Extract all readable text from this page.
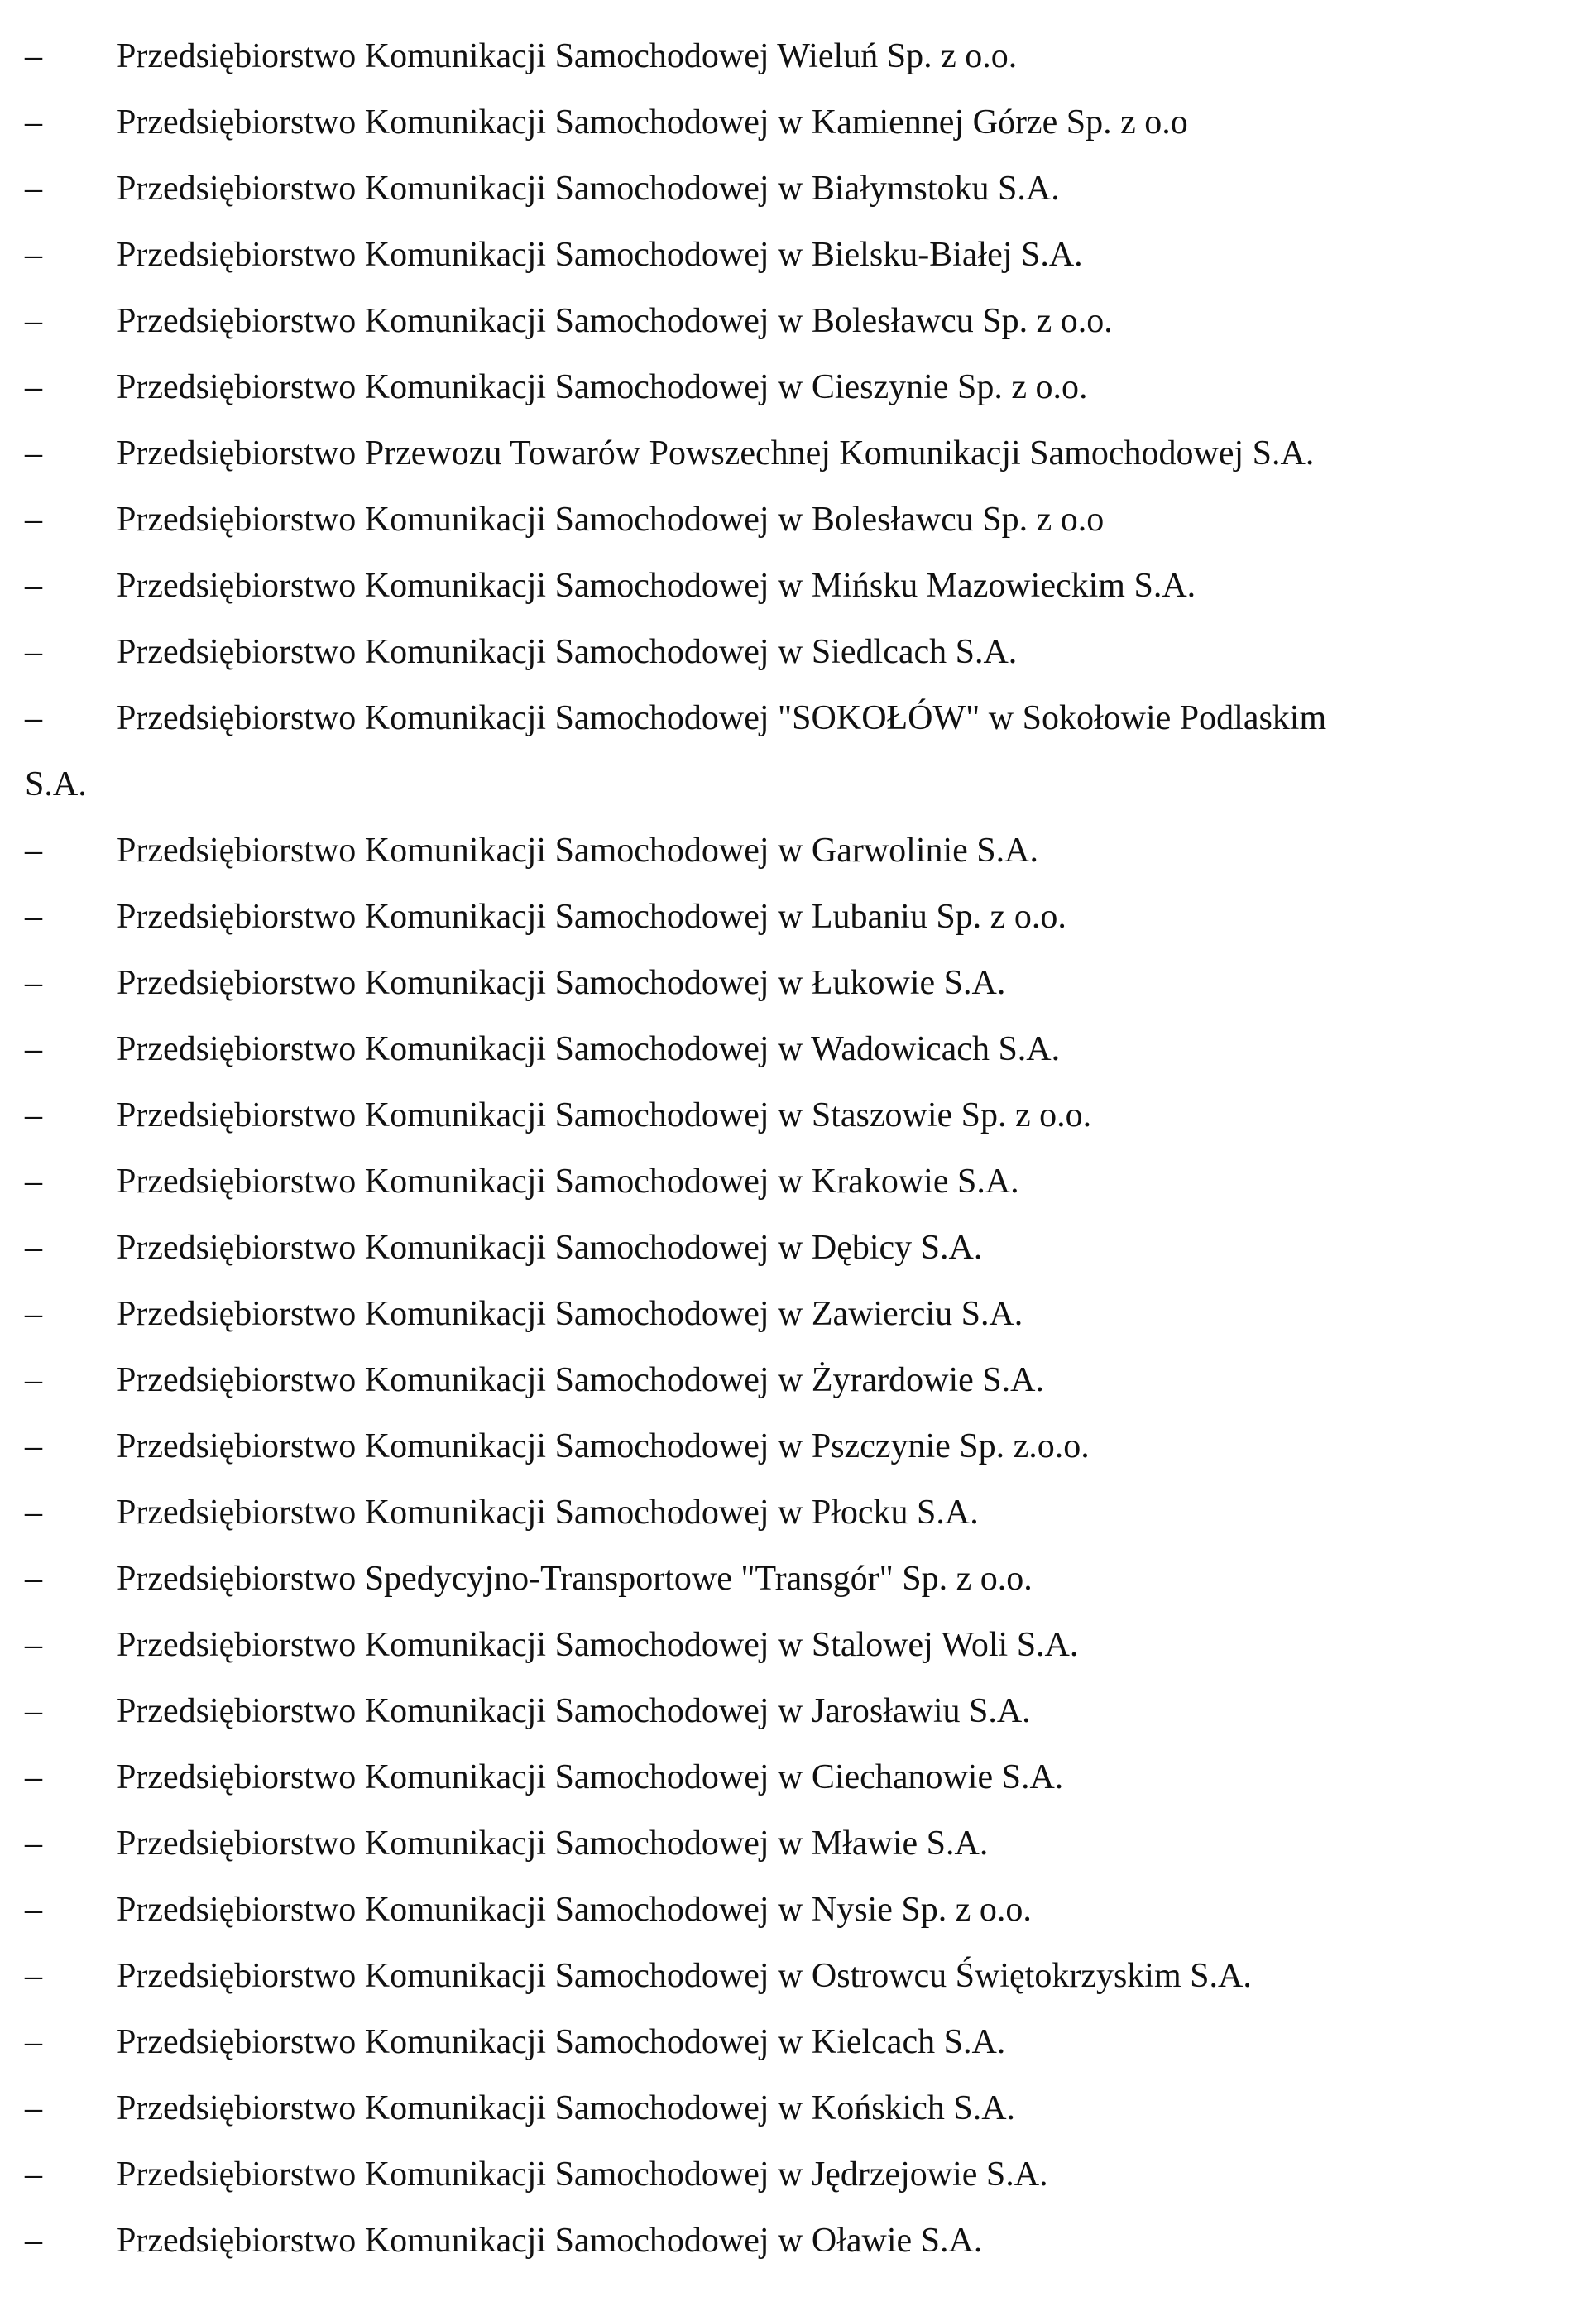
– Przedsiębiorstwo Komunikacji Samochodowej Wieluń Sp. z o.o.
– Przedsiębiorstwo Komunikacji Samochodowej w Kamiennej Górze Sp. z o.o
– Przedsiębiorstwo Komunikacji Samochodowej w Białymstoku S.A.
– Przedsiębiorstwo Komunikacji Samochodowej w Bielsku-Białej S.A.
– Przedsiębiorstwo Komunikacji Samochodowej w Bolesławcu Sp. z o.o.
– Przedsiębiorstwo Komunikacji Samochodowej w Cieszynie Sp. z o.o.
– Przedsiębiorstwo Przewozu Towarów Powszechnej Komunikacji Samochodowej S.A.
– Przedsiębiorstwo Komunikacji Samochodowej w Bolesławcu Sp. z o.o
– Przedsiębiorstwo Komunikacji Samochodowej w Mińsku Mazowieckim S.A.
– Przedsiębiorstwo Komunikacji Samochodowej w Siedlcach S.A.
– Przedsiębiorstwo Komunikacji Samochodowej "SOKOŁÓW" w Sokołowie Podlaskim
S.A.
– Przedsiębiorstwo Komunikacji Samochodowej w Garwolinie S.A.
– Przedsiębiorstwo Komunikacji Samochodowej w Lubaniu Sp. z o.o.
– Przedsiębiorstwo Komunikacji Samochodowej w Łukowie S.A.
– Przedsiębiorstwo Komunikacji Samochodowej w Wadowicach S.A.
– Przedsiębiorstwo Komunikacji Samochodowej w Staszowie Sp. z o.o.
– Przedsiębiorstwo Komunikacji Samochodowej w Krakowie S.A.
– Przedsiębiorstwo Komunikacji Samochodowej w Dębicy S.A.
– Przedsiębiorstwo Komunikacji Samochodowej w Zawierciu S.A.
– Przedsiębiorstwo Komunikacji Samochodowej w Żyrardowie S.A.
– Przedsiębiorstwo Komunikacji Samochodowej w Pszczynie Sp. z.o.o.
– Przedsiębiorstwo Komunikacji Samochodowej w Płocku S.A.
– Przedsiębiorstwo Spedycyjno-Transportowe "Transgór" Sp. z o.o.
– Przedsiębiorstwo Komunikacji Samochodowej w Stalowej Woli S.A.
– Przedsiębiorstwo Komunikacji Samochodowej w Jarosławiu S.A.
– Przedsiębiorstwo Komunikacji Samochodowej w Ciechanowie S.A.
– Przedsiębiorstwo Komunikacji Samochodowej w Mławie S.A.
– Przedsiębiorstwo Komunikacji Samochodowej w Nysie Sp. z o.o.
– Przedsiębiorstwo Komunikacji Samochodowej w Ostrowcu Świętokrzyskim S.A.
– Przedsiębiorstwo Komunikacji Samochodowej w Kielcach S.A.
– Przedsiębiorstwo Komunikacji Samochodowej w Końskich S.A.
– Przedsiębiorstwo Komunikacji Samochodowej w Jędrzejowie S.A.
– Przedsiębiorstwo Komunikacji Samochodowej w Oławie S.A.
